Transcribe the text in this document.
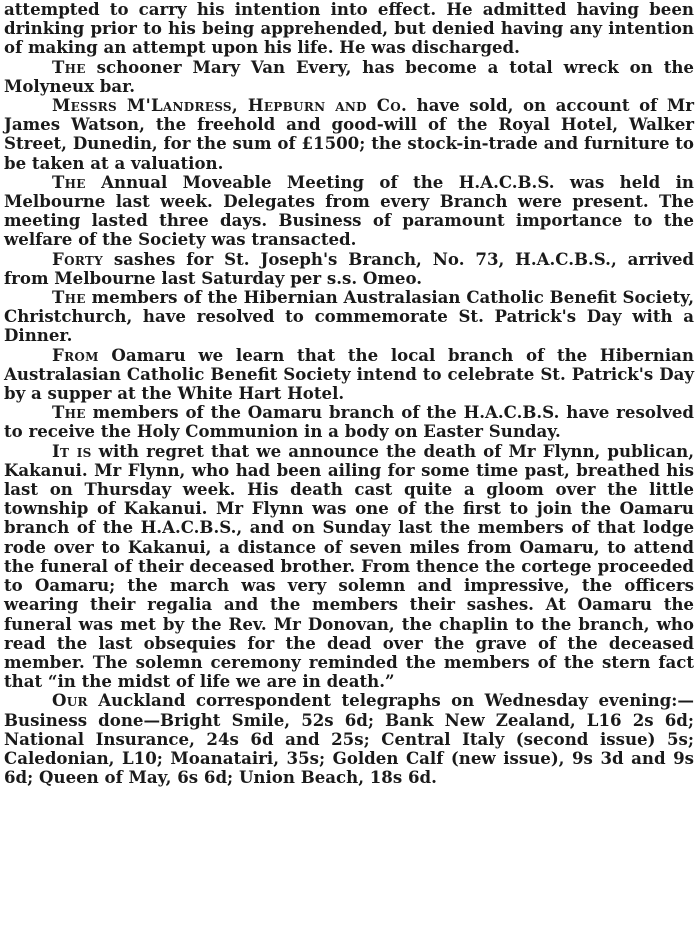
attempted to carry his intention into effect. He admitted having been drinking prior to his being apprehended, but denied having any intention of making an attempt upon his life. He was discharged.

The schooner Mary Van Every, has become a total wreck on the Molyneux bar.

Messrs M'Landress, Hepburn and Co. have sold, on account of Mr James Watson, the freehold and good-will of the Royal Hotel, Walker Street, Dunedin, for the sum of £1500; the stock-in-trade and furniture to be taken at a valuation.

The Annual Moveable Meeting of the H.A.C.B.S. was held in Melbourne last week. Delegates from every Branch were present. The meeting lasted three days. Business of paramount importance to the welfare of the Society was transacted.

Forty sashes for St. Joseph's Branch, No. 73, H.A.C.B.S., arrived from Melbourne last Saturday per s.s. Omeo.

The members of the Hibernian Australasian Catholic Benefit Society, Christchurch, have resolved to commemorate St. Patrick's Day with a Dinner.

From Oamaru we learn that the local branch of the Hibernian Australasian Catholic Benefit Society intend to celebrate St. Patrick's Day by a supper at the White Hart Hotel.

The members of the Oamaru branch of the H.A.C.B.S. have resolved to receive the Holy Communion in a body on Easter Sunday.

It is with regret that we announce the death of Mr Flynn, publican, Kakanui. Mr Flynn, who had been ailing for some time past, breathed his last on Thursday week. His death cast quite a gloom over the little township of Kakanui. Mr Flynn was one of the first to join the Oamaru branch of the H.A.C.B.S., and on Sunday last the members of that lodge rode over to Kakanui, a distance of seven miles from Oamaru, to attend the funeral of their deceased brother. From thence the cortege proceeded to Oamaru; the march was very solemn and impressive, the officers wearing their regalia and the members their sashes. At Oamaru the funeral was met by the Rev. Mr Donovan, the chaplin to the branch, who read the last obsequies for the dead over the grave of the deceased member. The solemn ceremony reminded the members of the stern fact that “in the midst of life we are in death.”

Our Auckland correspondent telegraphs on Wednesday evening:—Business done—Bright Smile, 52s 6d; Bank New Zealand, L16 2s 6d; National Insurance, 24s 6d and 25s; Central Italy (second issue) 5s; Caledonian, L10; Moanatairi, 35s; Golden Calf (new issue), 9s 3d and 9s 6d; Queen of May, 6s 6d; Union Beach, 18s 6d.
